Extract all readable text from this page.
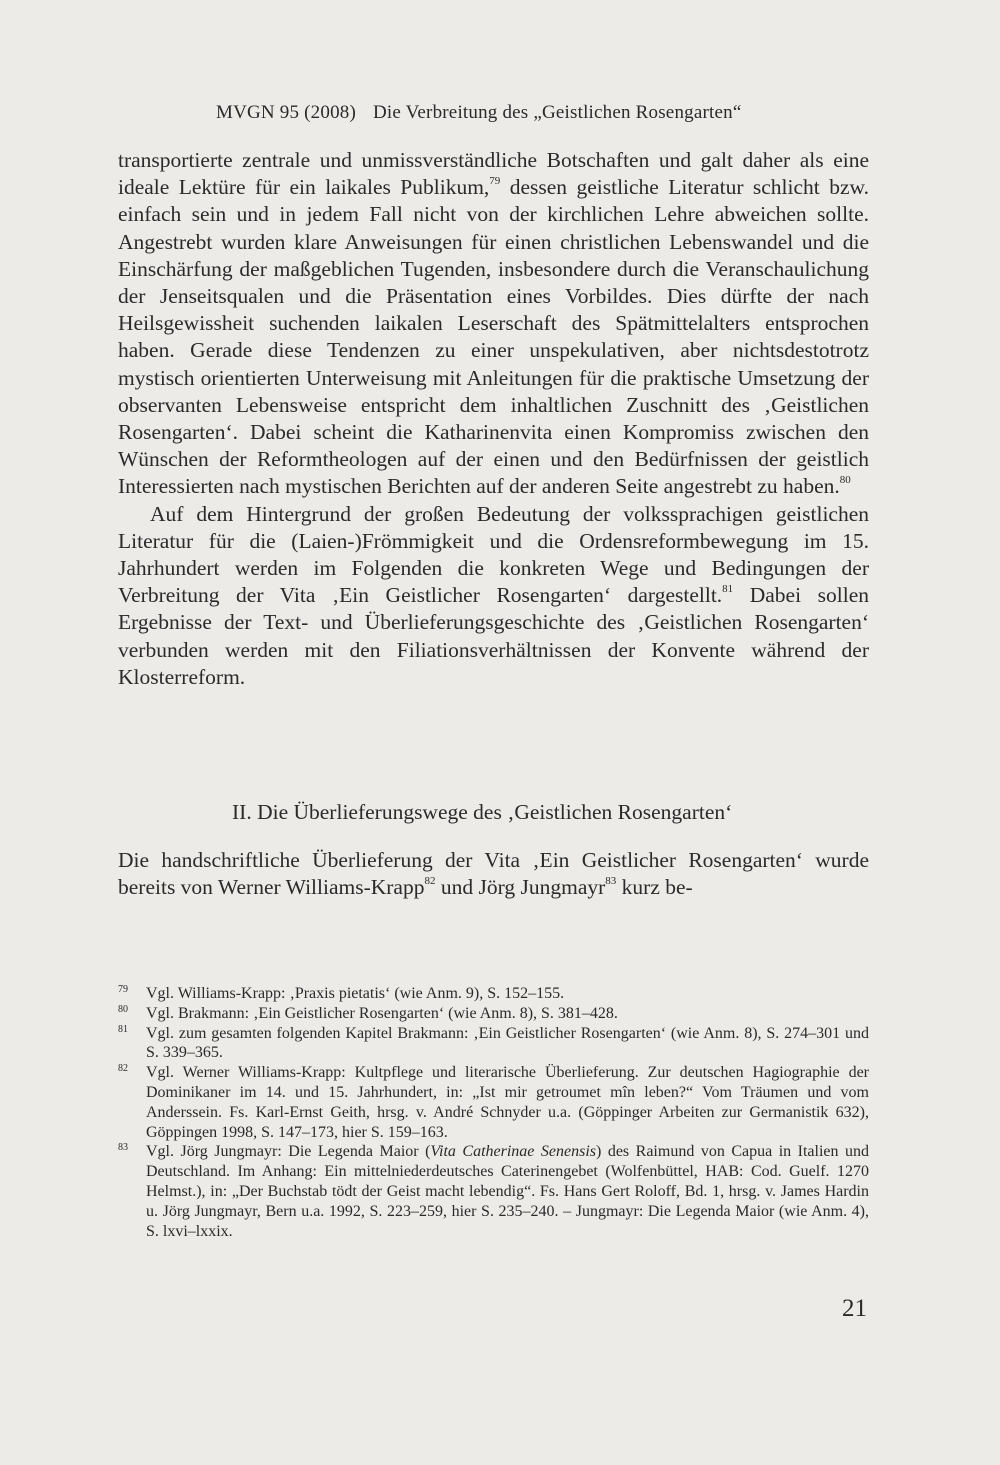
MVGN 95 (2008) Die Verbreitung des „Geistlichen Rosengarten“

transportierte zentrale und unmissverständliche Botschaften und galt daher als eine ideale Lektüre für ein laikales Publikum,$^{79}$ dessen geistliche Literatur schlicht bzw. einfach sein und in jedem Fall nicht von der kirchlichen Lehre abweichen sollte. Angestrebt wurden klare Anweisungen für einen christlichen Lebenswandel und die Einschärfung der maßgeblichen Tugenden, insbesondere durch die Veranschaulichung der Jenseitsqualen und die Präsentation eines Vorbildes. Dies dürfte der nach Heilsgewissheit suchenden laikalen Leserschaft des Spätmittelalters entsprochen haben. Gerade diese Tendenzen zu einer unspekulativen, aber nichtsdestotrotz mystisch orientierten Unterweisung mit Anleitungen für die praktische Umsetzung der observanten Lebensweise entspricht dem inhaltlichen Zuschnitt des ‚Geistlichen Rosengarten‘. Dabei scheint die Katharinenvita einen Kompromiss zwischen den Wünschen der Reformtheologen auf der einen und den Bedürfnissen der geistlich Interessierten nach mystischen Berichten auf der anderen Seite angestrebt zu haben.$^{80}$

Auf dem Hintergrund der großen Bedeutung der volkssprachigen geistlichen Literatur für die (Laien-)Frömmigkeit und die Ordensreformbewegung im 15. Jahrhundert werden im Folgenden die konkreten Wege und Bedingungen der Verbreitung der Vita ‚Ein Geistlicher Rosengarten‘ dargestellt.$^{81}$ Dabei sollen Ergebnisse der Text- und Überlieferungsgeschichte des ‚Geistlichen Rosengarten‘ verbunden werden mit den Filiationsverhältnissen der Konvente während der Klosterreform.

II. Die Überlieferungswege des ‚Geistlichen Rosengarten‘

Die handschriftliche Überlieferung der Vita ‚Ein Geistlicher Rosengarten‘ wurde bereits von Werner Williams-Krapp$^{82}$ und Jörg Jungmayr$^{83}$ kurz be-

79 Vgl. Williams-Krapp: ‚Praxis pietatis‘ (wie Anm. 9), S. 152–155.

80 Vgl. Brakmann: ‚Ein Geistlicher Rosengarten‘ (wie Anm. 8), S. 381–428.

81 Vgl. zum gesamten folgenden Kapitel Brakmann: ‚Ein Geistlicher Rosengarten‘ (wie Anm. 8), S. 274–301 und S. 339–365.

82 Vgl. Werner Williams-Krapp: Kultpflege und literarische Überlieferung. Zur deutschen Hagiographie der Dominikaner im 14. und 15. Jahrhundert, in: „Ist mir getroumet mîn leben?“ Vom Träumen und vom Anderssein. Fs. Karl-Ernst Geith, hrsg. v. André Schnyder u.a. (Göppinger Arbeiten zur Germanistik 632), Göppingen 1998, S. 147–173, hier S. 159–163.

83 Vgl. Jörg Jungmayr: Die Legenda Maior (Vita Catherinae Senensis) des Raimund von Capua in Italien und Deutschland. Im Anhang: Ein mittelniederdeutsches Caterinengebet (Wolfenbüttel, HAB: Cod. Guelf. 1270 Helmst.), in: „Der Buchstab tödt der Geist macht lebendig“. Fs. Hans Gert Roloff, Bd. 1, hrsg. v. James Hardin u. Jörg Jungmayr, Bern u.a. 1992, S. 223–259, hier S. 235–240. – Jungmayr: Die Legenda Maior (wie Anm. 4), S. lxvi–lxxix.

21
